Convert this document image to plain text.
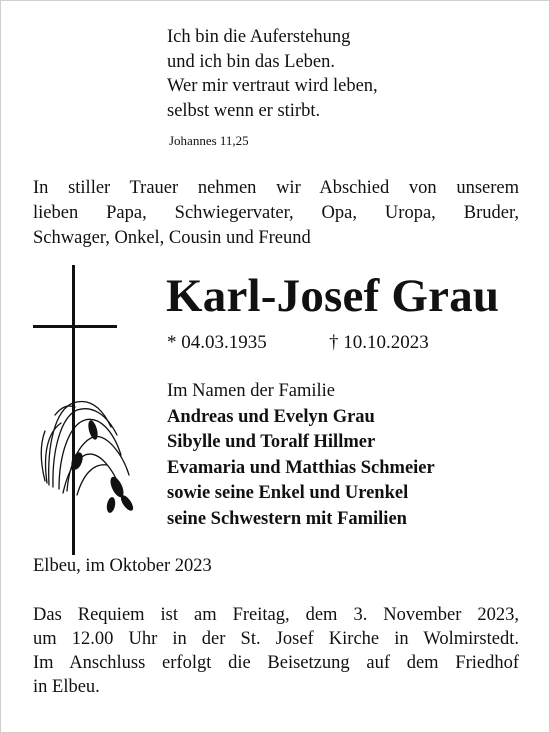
Ich bin die Auferstehung
und ich bin das Leben.
Wer mir vertraut wird leben,
selbst wenn er stirbt.
Johannes 11,25

In stiller Trauer nehmen wir Abschied von unserem

lieben Papa, Schwiegervater, Opa, Uropa, Bruder,

Schwager, Onkel, Cousin und Freund

Karl-Josef Grau
* 04.03.1935	† 10.10.2023
Im Namen der Familie
Andreas und Evelyn Grau
Sibylle und Toralf Hillmer
Evamaria und Matthias Schmeier
sowie seine Enkel und Urenkel
seine Schwestern mit Familien
Elbeu, im Oktober 2023

Das Requiem ist am Freitag, dem 3. November 2023,

um 12.00 Uhr in der St. Josef Kirche in Wolmirstedt.

Im Anschluss erfolgt die Beisetzung auf dem Friedhof

in Elbeu.
